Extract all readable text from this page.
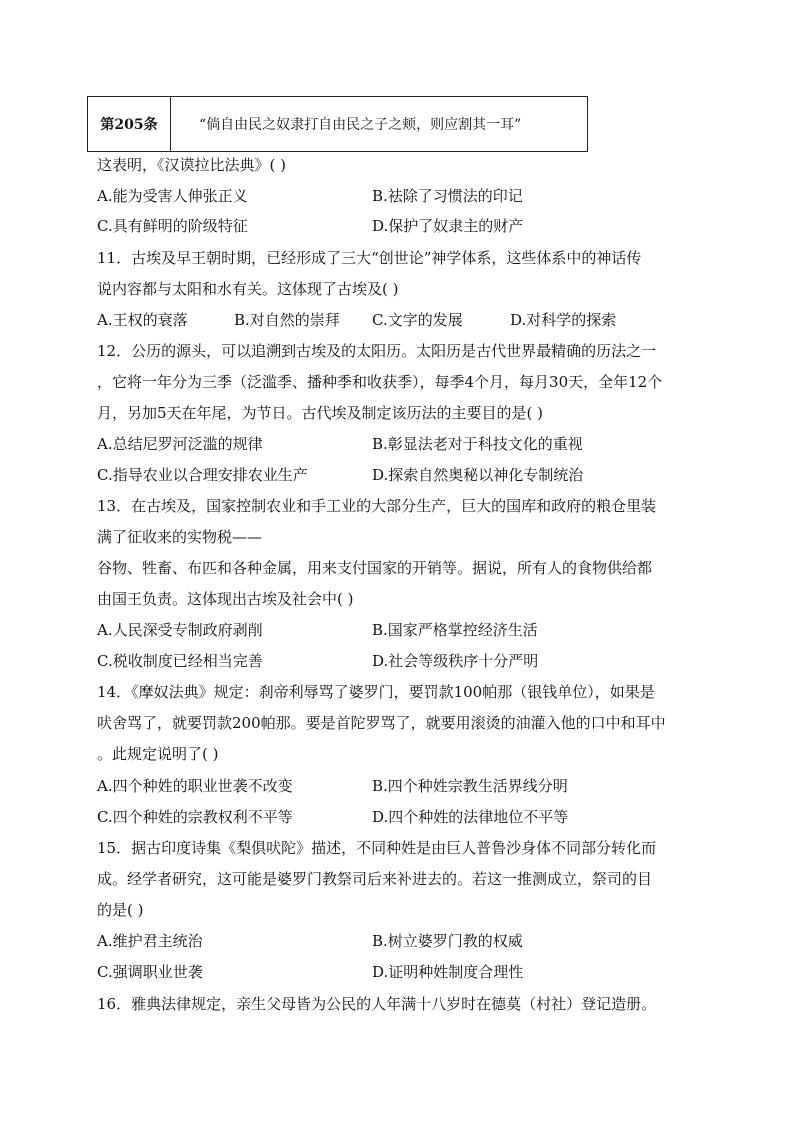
第205条	“倘自由民之奴隶打自由民之子之颊，则应割其一耳”
这表明，《汉谟拉比法典》( )
A.能为受害人伸张正义	B.祛除了习惯法的印记
C.具有鲜明的阶级特征	D.保护了奴隶主的财产
11．古埃及早王朝时期，已经形成了三大“创世论”神学体系，这些体系中的神话传
说内容都与太阳和水有关。这体现了古埃及( )
A.王权的衰落	B.对自然的崇拜 C.文字的发展	D.对科学的探索
12．公历的源头，可以追溯到古埃及的太阳历。太阳历是古代世界最精确的历法之一
，它将一年分为三季（泛滥季、播种季和收获季），每季4个月，每月30天，全年12个
月，另加5天在年尾，为节日。古代埃及制定该历法的主要目的是( )
A.总结尼罗河泛滥的规律	B.彰显法老对于科技文化的重视
C.指导农业以合理安排农业生产	D.探索自然奥秘以神化专制统治
13．在古埃及，国家控制农业和手工业的大部分生产，巨大的国库和政府的粮仓里装
满了征收来的实物税——
谷物、牲畜、布匹和各种金属，用来支付国家的开销等。据说，所有人的食物供给都
由国王负责。这体现出古埃及社会中( )
A.人民深受专制政府剥削	B.国家严格掌控经济生活
C.税收制度已经相当完善	D.社会等级秩序十分严明
14．《摩奴法典》规定：刹帝利辱骂了婆罗门，要罚款100帕那（银钱单位），如果是
吠舍骂了，就要罚款200帕那。要是首陀罗骂了，就要用滚烫的油灌入他的口中和耳中
。此规定说明了( )
A.四个种姓的职业世袭不改变	B.四个种姓宗教生活界线分明
C.四个种姓的宗教权利不平等	D.四个种姓的法律地位不平等
15．据古印度诗集《梨俱吠陀》描述，不同种姓是由巨人普鲁沙身体不同部分转化而
成。经学者研究，这可能是婆罗门教祭司后来补进去的。若这一推测成立，祭司的目
的是( )
A.维护君主统治	B.树立婆罗门教的权威
C.强调职业世袭	D.证明种姓制度合理性
16．雅典法律规定，亲生父母皆为公民的人年满十八岁时在德莫（村社）登记造册。
